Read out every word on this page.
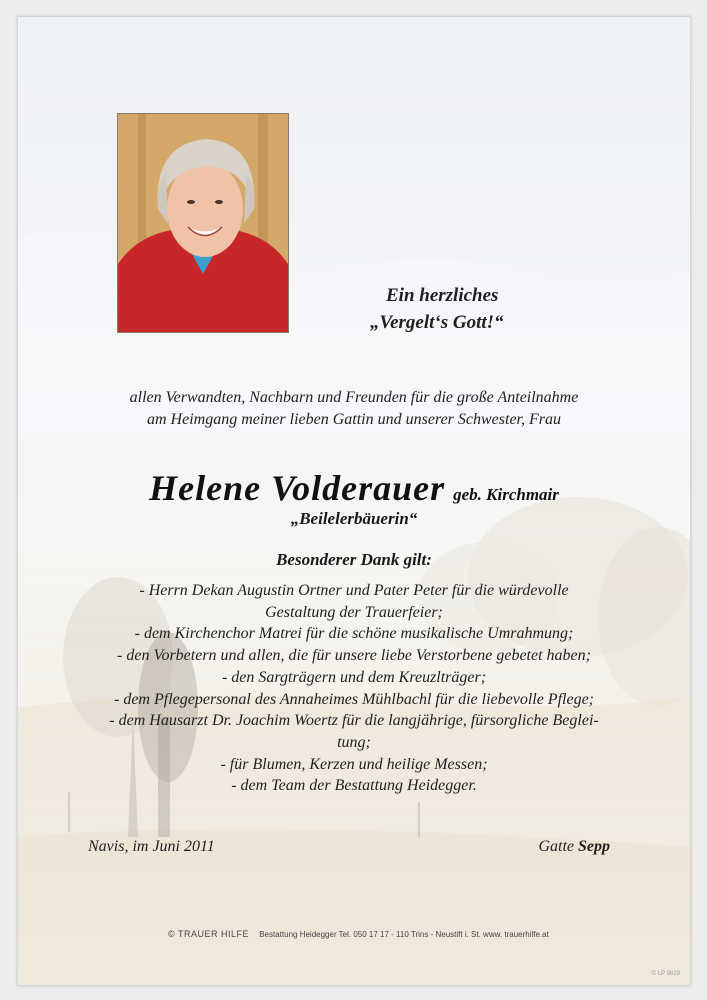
Ein herzliches
„Vergelt‘s Gott!“
allen Verwandten, Nachbarn und Freunden für die große Anteilnahme
am Heimgang meiner lieben Gattin und unserer Schwester, Frau
Helene Volderauer geb. Kirchmair
„Beilelerbäuerin“
Besonderer Dank gilt:
- Herrn Dekan Augustin Ortner und Pater Peter für die würdevolle
Gestaltung der Trauerfeier;
- dem Kirchenchor Matrei für die schöne musikalische Umrahmung;
- den Vorbetern und allen, die für unsere liebe Verstorbene gebetet haben;
- den Sargträgern und dem Kreuzlträger;
- dem Pflegepersonal des Annaheimes Mühlbachl für die liebevolle Pflege;
- dem Hausarzt Dr. Joachim Woertz für die langjährige, fürsorgliche Beglei-
tung;
- für Blumen, Kerzen und heilige Messen;
- dem Team der Bestattung Heidegger.
Navis, im Juni 2011	Gatte Sepp
© TRAUER HILFE Bestattung Heidegger Tel. 050 17 17 - 110 Trins - Neustift i. St. www. trauerhilfe.at
© LP 9829
